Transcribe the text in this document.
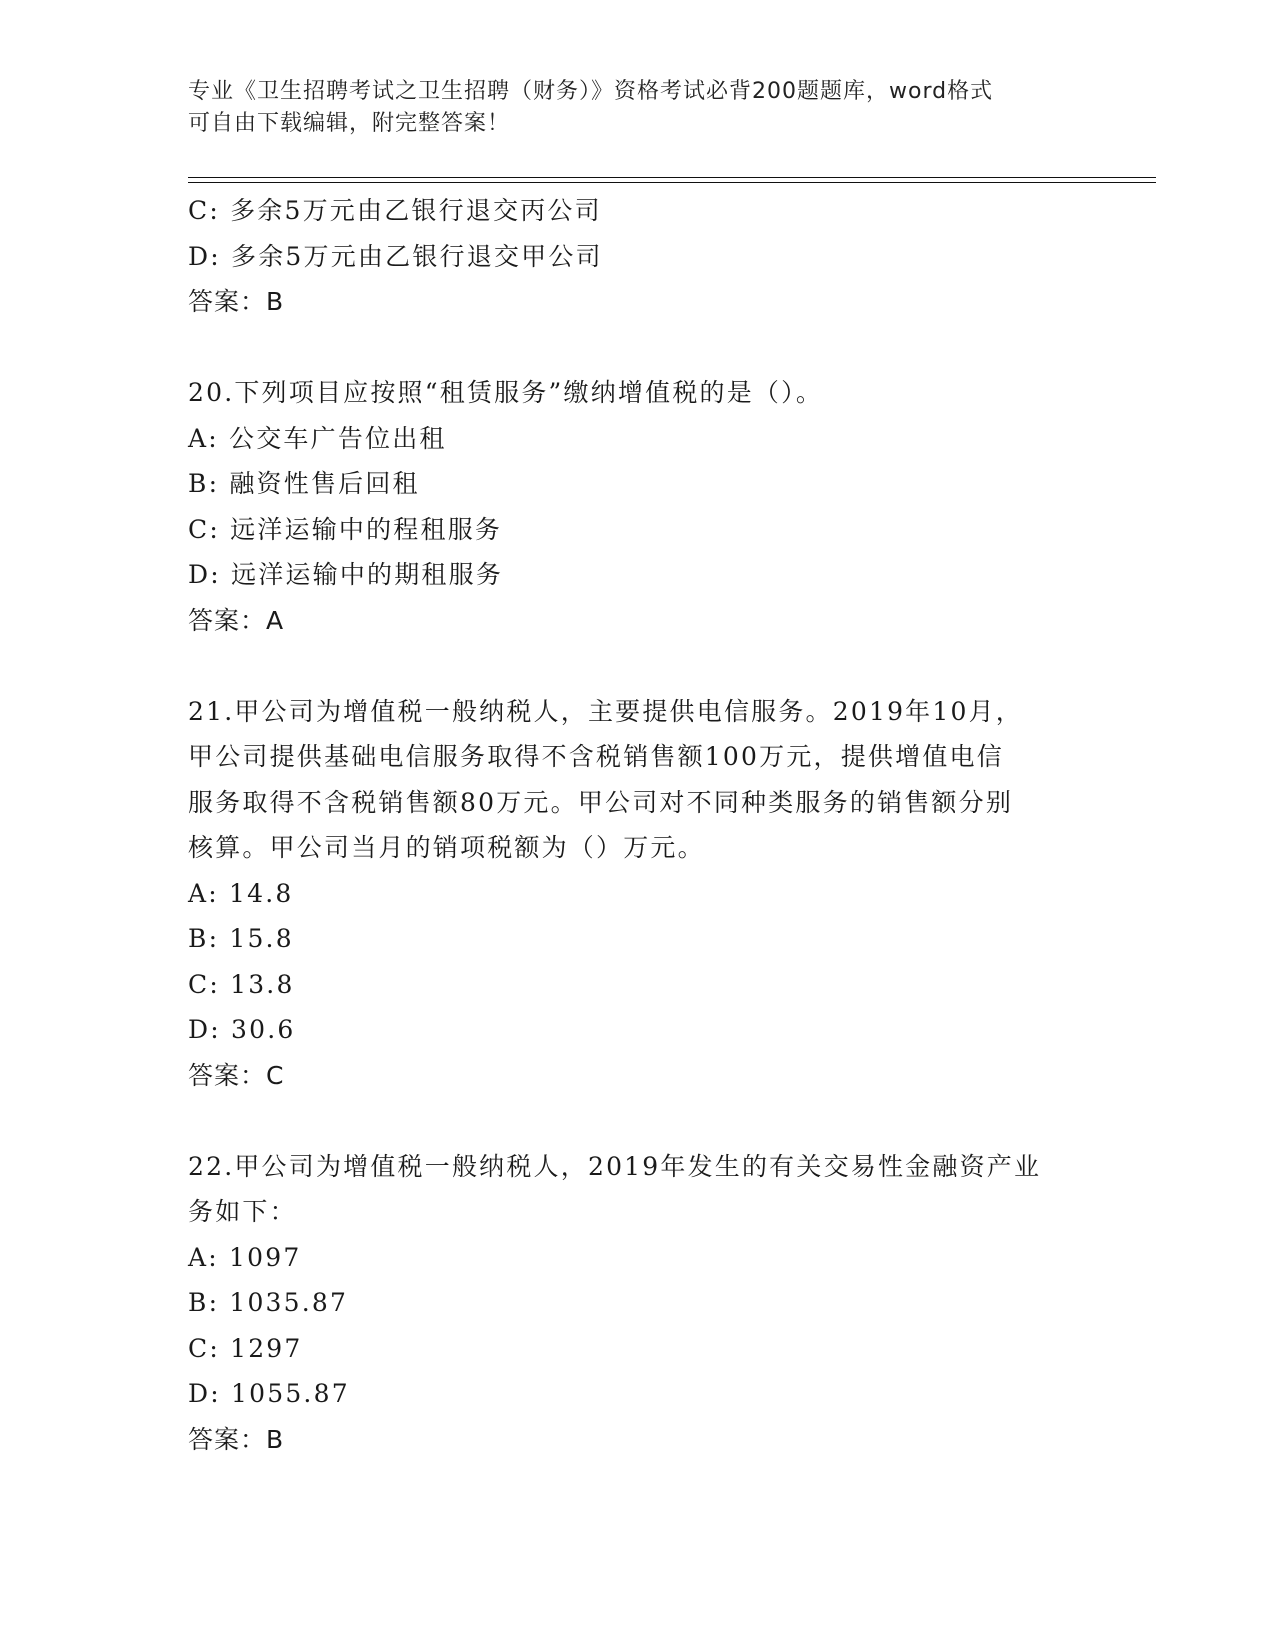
专业《卫生招聘考试之卫生招聘（财务）》资格考试必背200题题库，word格式
可自由下载编辑，附完整答案！
C: 多余5万元由乙银行退交丙公司
D: 多余5万元由乙银行退交甲公司
答案：B
20.下列项目应按照“租赁服务”缴纳增值税的是（）。
A: 公交车广告位出租
B: 融资性售后回租
C: 远洋运输中的程租服务
D: 远洋运输中的期租服务
答案：A
21.甲公司为增值税一般纳税人，主要提供电信服务。2019年10月，
甲公司提供基础电信服务取得不含税销售额100万元，提供增值电信
服务取得不含税销售额80万元。甲公司对不同种类服务的销售额分别
核算。甲公司当月的销项税额为（）万元。
A: 14.8
B: 15.8
C: 13.8
D: 30.6
答案：C
22.甲公司为增值税一般纳税人，2019年发生的有关交易性金融资产业
务如下：
A: 1097
B: 1035.87
C: 1297
D: 1055.87
答案：B
